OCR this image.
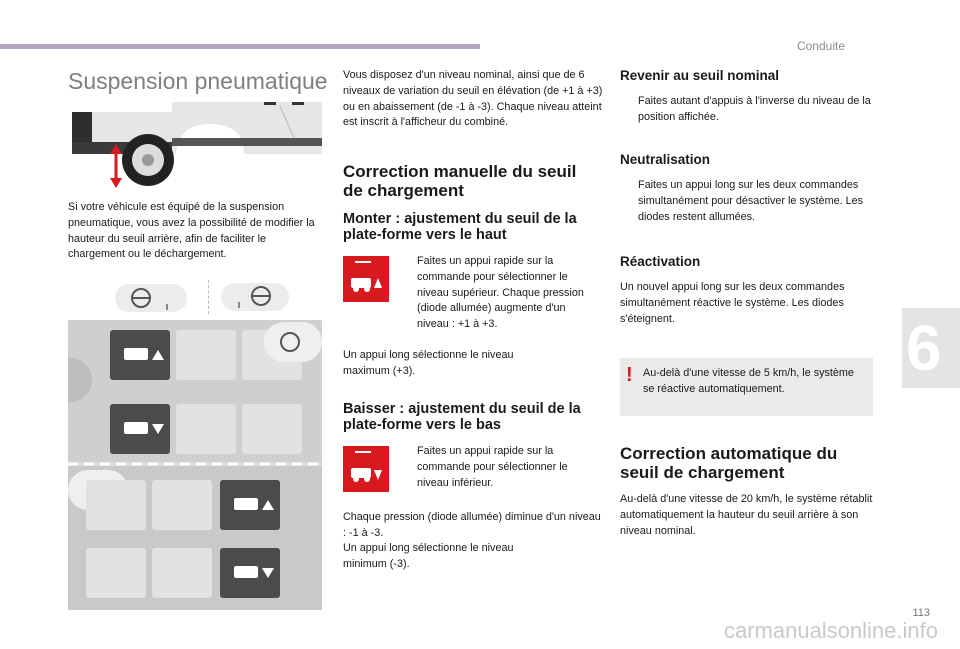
Conduite
6
113
carmanualsonline.info
Suspension pneumatique

Si votre véhicule est équipé de la suspension pneumatique, vous avez la possibilité de modifier la hauteur du seuil arrière, afin de faciliter le chargement ou le déchargement.

Vous disposez d'un niveau nominal, ainsi que de 6 niveaux de variation du seuil en élévation (de +1 à +3) ou en abaissement (de -1 à -3). Chaque niveau atteint est inscrit à l'afficheur du combiné.

Correction manuelle du seuil de chargement
Monter : ajustement du seuil de la plate-forme vers le haut
Faites un appui rapide sur la commande pour sélectionner le niveau supérieur. Chaque pression (diode allumée) augmente d'un niveau : +1 à +3.

Un appui long sélectionne le niveau maximum (+3).

Baisser : ajustement du seuil de la plate-forme vers le bas
Faites un appui rapide sur la commande pour sélectionner le niveau inférieur.

Chaque pression (diode allumée) diminue d'un niveau : -1 à -3.

Un appui long sélectionne le niveau minimum (-3).

Revenir au seuil nominal
Faites autant d'appuis à l'inverse du niveau de la position affichée.
Neutralisation
Faites un appui long sur les deux commandes simultanément pour désactiver le système. Les diodes restent allumées.
Réactivation

Un nouvel appui long sur les deux commandes simultanément réactive le système. Les diodes s'éteignent.

! Au-delà d'une vitesse de 5 km/h, le système se réactive automatiquement.
Correction automatique du seuil de chargement

Au-delà d'une vitesse de 20 km/h, le système rétablit automatiquement la hauteur du seuil arrière à son niveau nominal.
